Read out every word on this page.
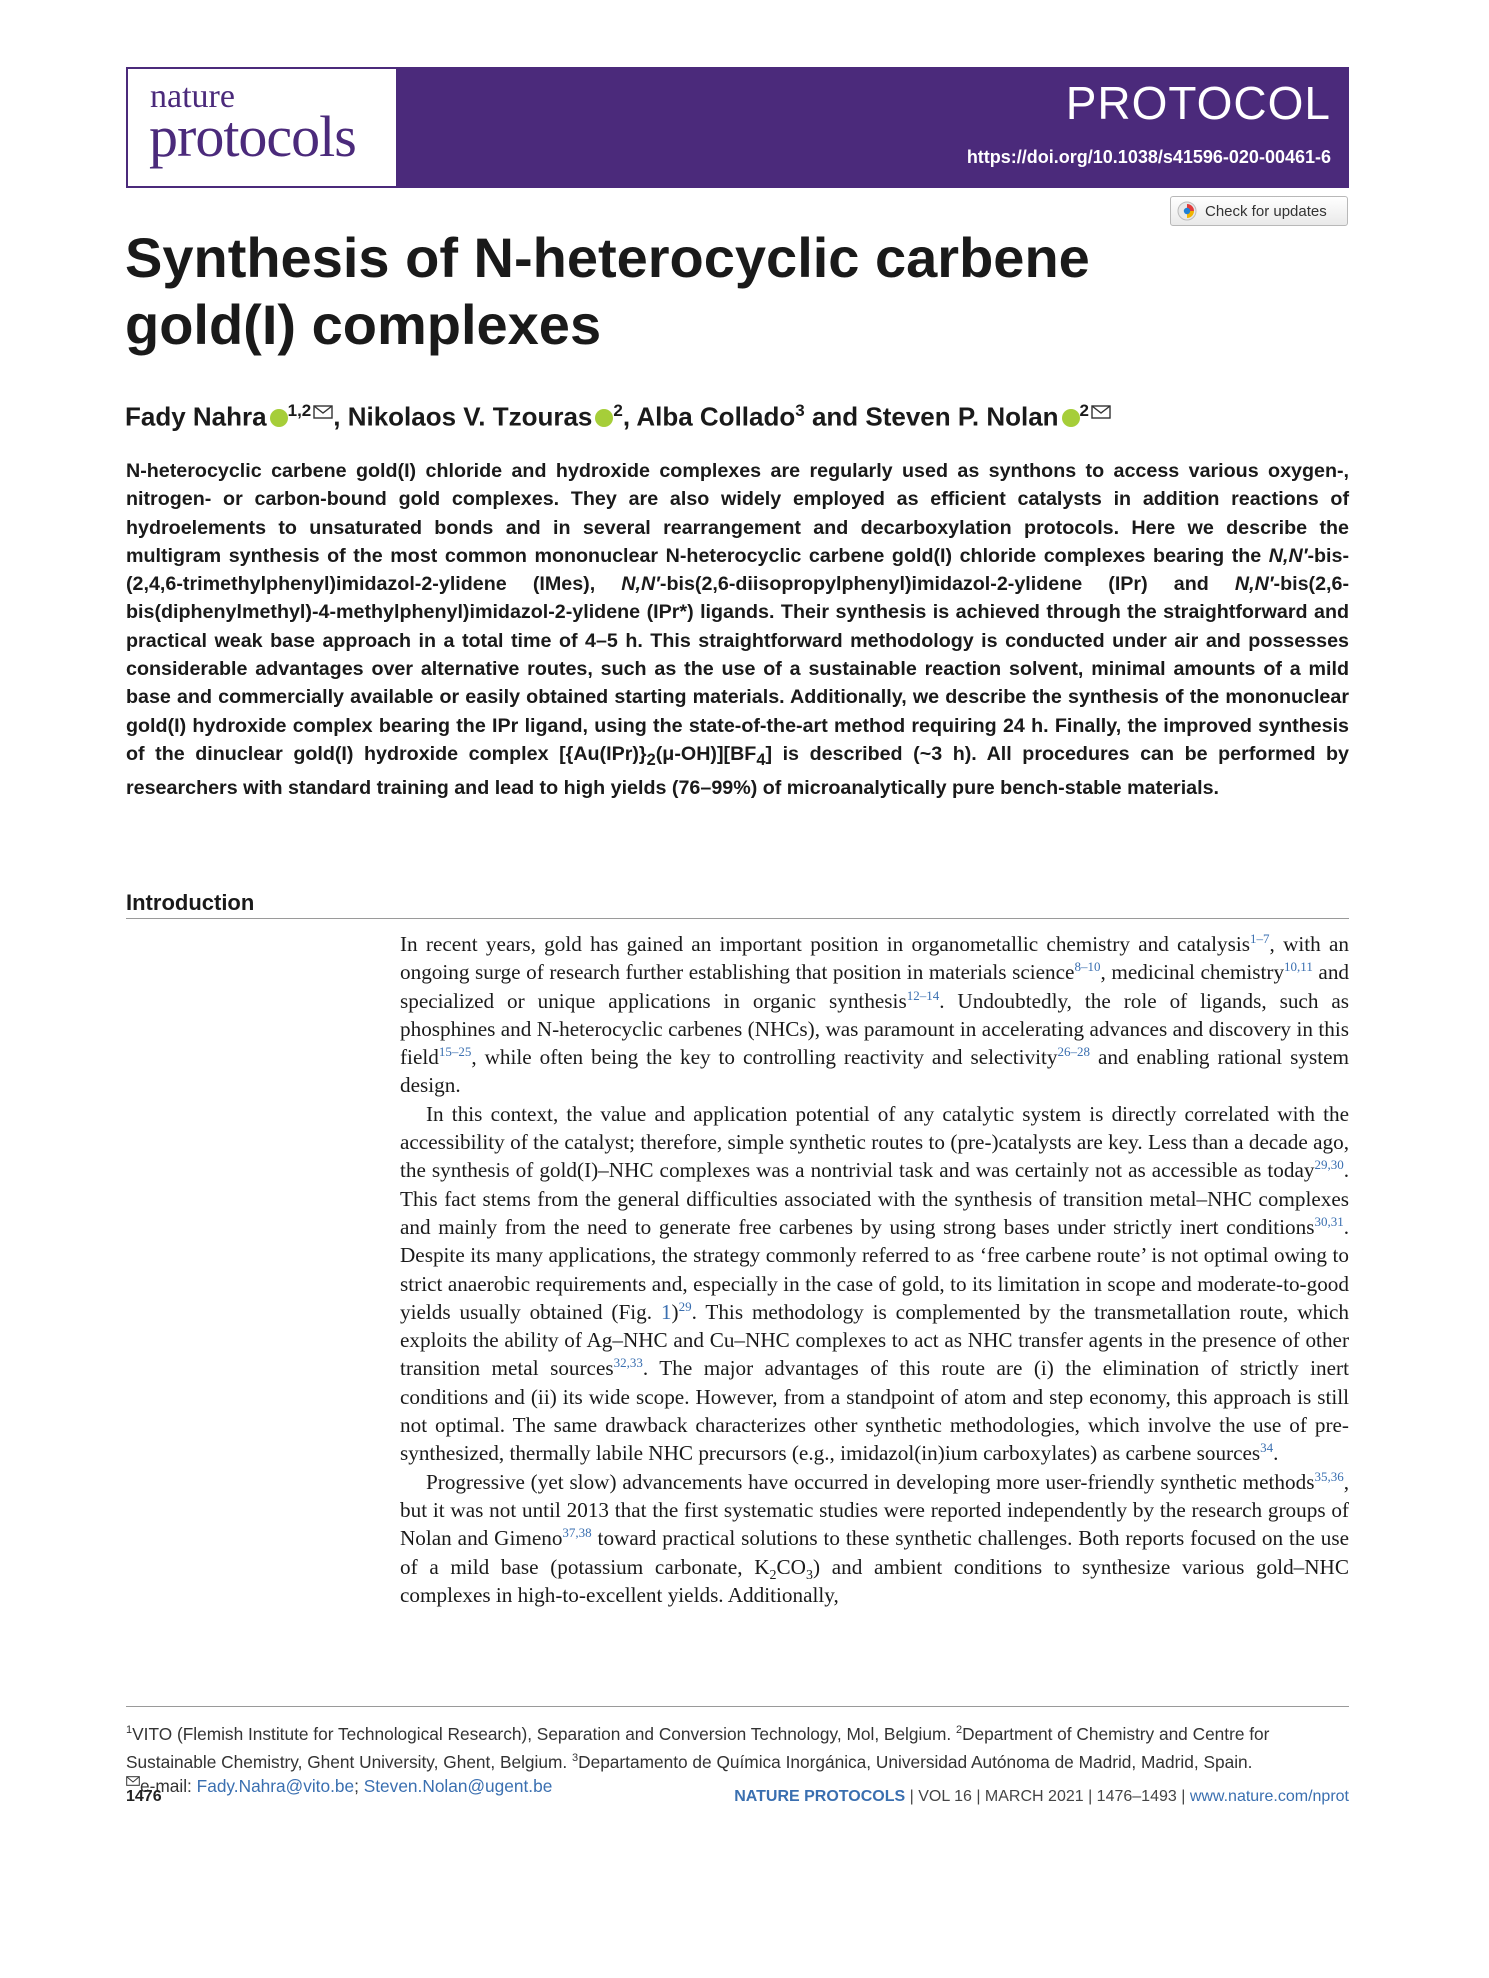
nature
protocols
PROTOCOL
https://doi.org/10.1038/s41596-020-00461-6
Check for updates
Synthesis of N-heterocyclic carbene gold(I) complexes
Fady Nahra $^{1,2}$ , Nikolaos V. Tzouras $^2$, Alba Collado$^3$ and Steven P. Nolan $^2$

N-heterocyclic carbene gold(I) chloride and hydroxide complexes are regularly used as synthons to access various oxygen-, nitrogen- or carbon-bound gold complexes. They are also widely employed as efficient catalysts in addition reactions of hydroelements to unsaturated bonds and in several rearrangement and decarboxylation protocols. Here we describe the multigram synthesis of the most common mononuclear N-heterocyclic carbene gold(I) chloride complexes bearing the N,N′-bis-(2,4,6-trimethylphenyl)imidazol-2-ylidene (IMes), N,N′-bis(2,6-diisopropylphenyl)imidazol-2-ylidene (IPr) and N,N′-bis(2,6-bis(diphenylmethyl)-4-methylphenyl)imidazol-2-ylidene (IPr*) ligands. Their synthesis is achieved through the straightforward and practical weak base approach in a total time of 4–5 h. This straightforward methodology is conducted under air and possesses considerable advantages over alternative routes, such as the use of a sustainable reaction solvent, minimal amounts of a mild base and commercially available or easily obtained starting materials. Additionally, we describe the synthesis of the mononuclear gold(I) hydroxide complex bearing the IPr ligand, using the state-of-the-art method requiring 24 h. Finally, the improved synthesis of the dinuclear gold(I) hydroxide complex $[\{Au(IPr)\}_2(\mu-OH)][BF_4]$ is described (~3 h). All procedures can be performed by researchers with standard training and lead to high yields (76–99%) of microanalytically pure bench-stable materials.

Introduction

In recent years, gold has gained an important position in organometallic chemistry and catalysis$^{1-7}$, with an ongoing surge of research further establishing that position in materials science$^{8-10}$, medicinal chemistry$^{10,11}$ and specialized or unique applications in organic synthesis$^{12-14}$. Undoubtedly, the role of ligands, such as phosphines and N-heterocyclic carbenes (NHCs), was paramount in accelerating advances and discovery in this field$^{15-25}$, while often being the key to controlling reactivity and selectivity$^{26-28}$ and enabling rational system design.

In this context, the value and application potential of any catalytic system is directly correlated with the accessibility of the catalyst; therefore, simple synthetic routes to (pre-)catalysts are key. Less than a decade ago, the synthesis of gold(I)–NHC complexes was a nontrivial task and was certainly not as accessible as today$^{29,30}$. This fact stems from the general difficulties associated with the synthesis of transition metal–NHC complexes and mainly from the need to generate free carbenes by using strong bases under strictly inert conditions$^{30,31}$. Despite its many applications, the strategy commonly referred to as ‘free carbene route’ is not optimal owing to strict anaerobic requirements and, especially in the case of gold, to its limitation in scope and moderate-to-good yields usually obtained (Fig. 1)$^{29}$. This methodology is complemented by the transmetallation route, which exploits the ability of Ag–NHC and Cu–NHC complexes to act as NHC transfer agents in the presence of other transition metal sources$^{32,33}$. The major advantages of this route are (i) the elimination of strictly inert conditions and (ii) its wide scope. However, from a standpoint of atom and step economy, this approach is still not optimal. The same drawback characterizes other synthetic methodologies, which involve the use of pre-synthesized, thermally labile NHC precursors (e.g., imidazol(in)ium carboxylates) as carbene sources$^{34}$.

Progressive (yet slow) advancements have occurred in developing more user-friendly synthetic methods$^{35,36}$, but it was not until 2013 that the first systematic studies were reported independently by the research groups of Nolan and Gimeno$^{37,38}$ toward practical solutions to these synthetic challenges. Both reports focused on the use of a mild base (potassium carbonate, $K_2CO_3$) and ambient conditions to synthesize various gold–NHC complexes in high-to-excellent yields. Additionally,

$^1$VITO (Flemish Institute for Technological Research), Separation and Conversion Technology, Mol, Belgium. $^2$Department of Chemistry and Centre for Sustainable Chemistry, Ghent University, Ghent, Belgium. $^3$Departamento de Química Inorgánica, Universidad Autónoma de Madrid, Madrid, Spain.
e-mail: Fady.Nahra@vito.be; Steven.Nolan@ugent.be

1476	NATURE PROTOCOLS | VOL 16 | MARCH 2021 | 1476–1493 | www.nature.com/nprot
